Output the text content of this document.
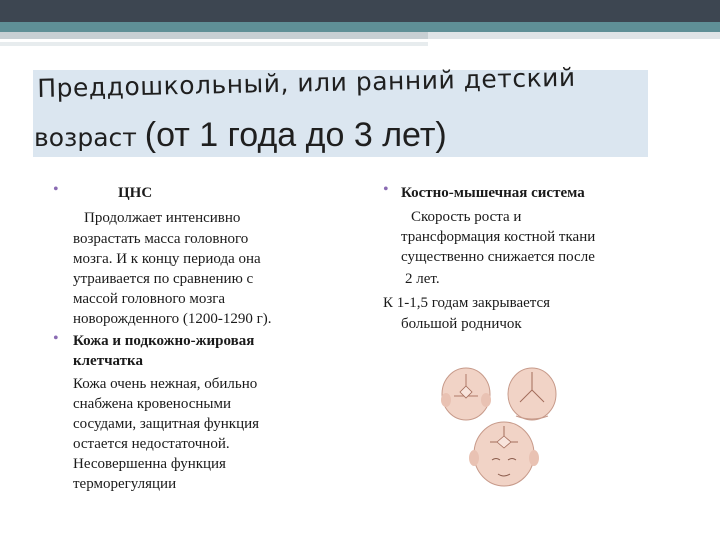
Преддошкольный, или ранний детский
возраст (от 1 года до 3 лет)
•	ЦНС
Продолжает интенсивно
возрастать масса головного
мозга. И к концу периода она
утраивается по сравнению с
массой головного мозга
новорожденного (1200-1290 г).
• Кожа и подкожно-жировая
клетчатка
Кожа очень нежная, обильно
снабжена кровеносными
сосудами, защитная функция
остается недостаточной.
Несовершенна функция
терморегуляции
• Костно-мышечная система
Скорость роста и
трансформация костной ткани
существенно снижается после
2 лет.
К 1-1,5 годам закрывается
большой родничок
